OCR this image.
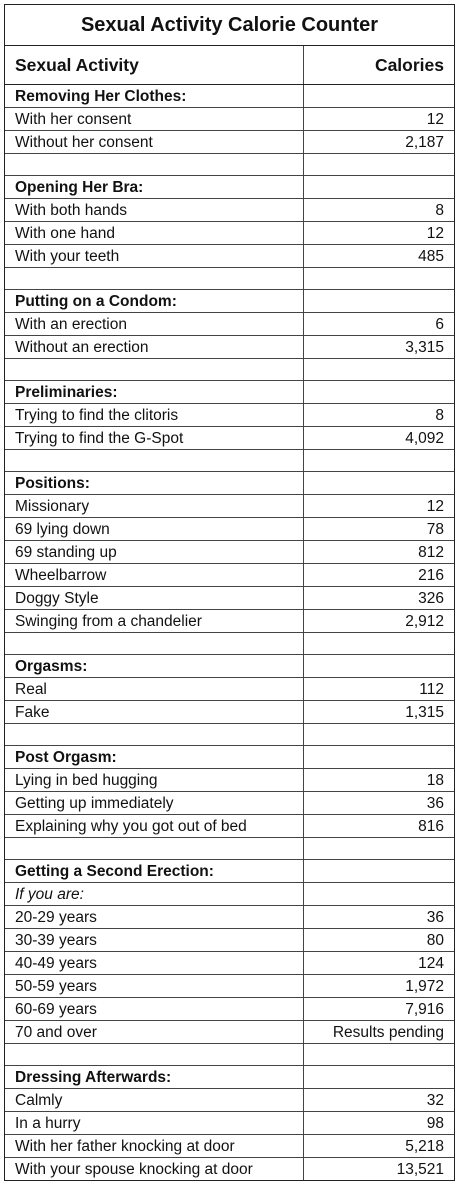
Sexual Activity Calorie Counter
Sexual Activity	Calories
Removing Her Clothes:	
With her consent	12
Without her consent	2,187

Opening Her Bra:	
With both hands	8
With one hand	12
With your teeth	485

Putting on a Condom:	
With an erection	6
Without an erection	3,315

Preliminaries:	
Trying to find the clitoris	8
Trying to find the G-Spot	4,092

Positions:	
Missionary	12
69 lying down	78
69 standing up	812
Wheelbarrow	216
Doggy Style	326
Swinging from a chandelier	2,912

Orgasms:	
Real	112
Fake	1,315

Post Orgasm:	
Lying in bed hugging	18
Getting up immediately	36
Explaining why you got out of bed	816

Getting a Second Erection:	
If you are:	
20-29 years	36
30-39 years	80
40-49 years	124
50-59 years	1,972
60-69 years	7,916
70 and over	Results pending

Dressing Afterwards:	
Calmly	32
In a hurry	98
With her father knocking at door	5,218
With your spouse knocking at door	13,521
